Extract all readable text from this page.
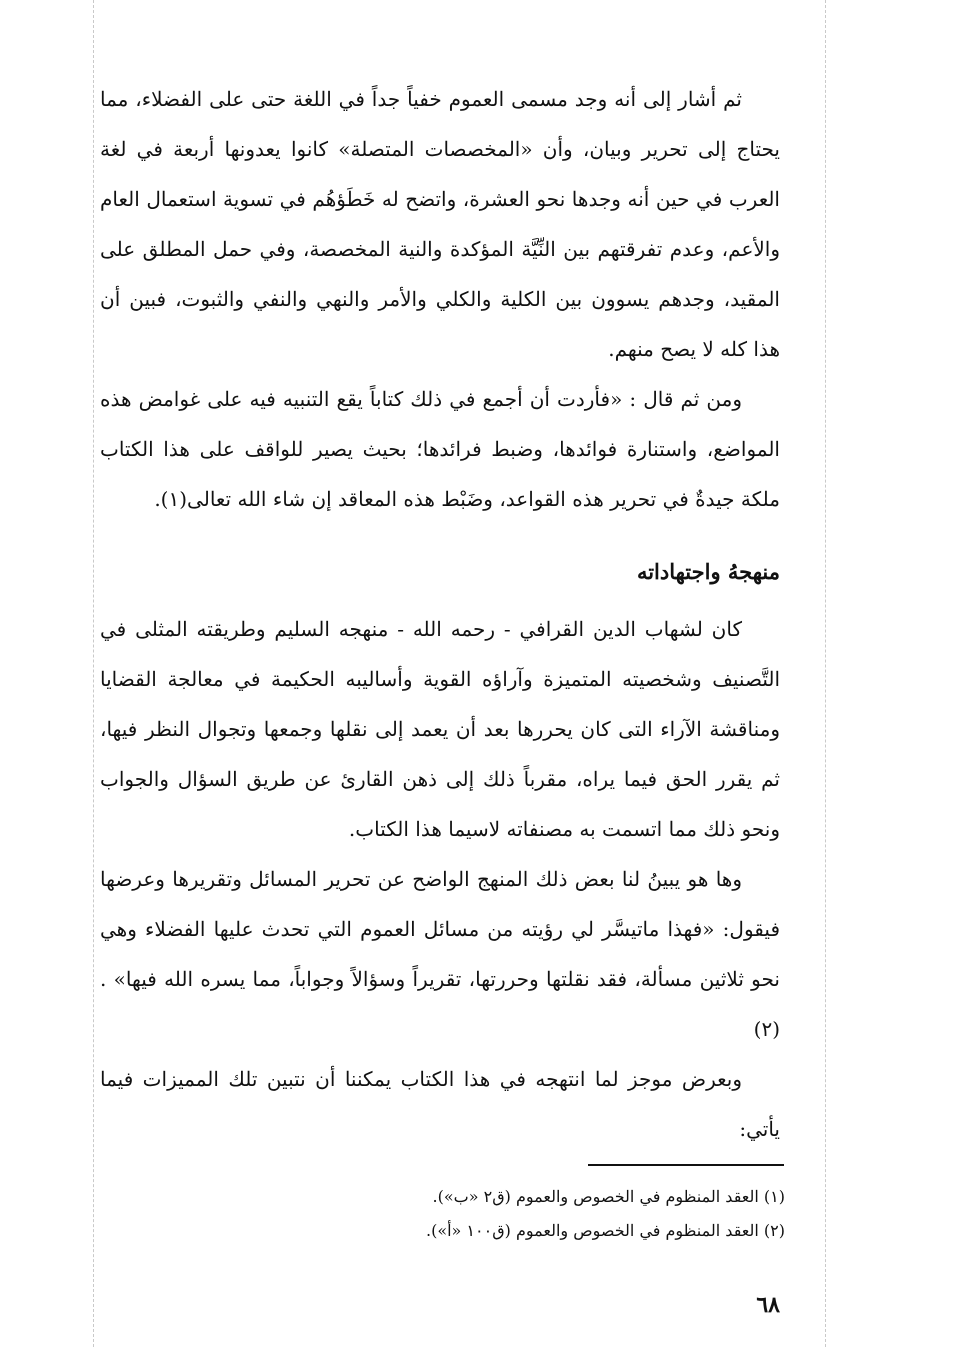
ثم أشار إلى أنه وجد مسمى العموم خفياً جداً في اللغة حتى على الفضلاء، مما يحتاج إلى تحرير وبيان، وأن «المخصصات المتصلة» كانوا يعدونها أربعة في لغة العرب في حين أنه وجدها نحو العشرة، واتضح له خَطَؤهُم في تسوية استعمال العام والأعم، وعدم تفرقتهم بين النِّيَّة المؤكدة والنية المخصصة، وفي حمل المطلق على المقيد، وجدهم يسوون بين الكلية والكلي والأمر والنهي والنفي والثبوت، فبين أن هذا كله لا يصح منهم.

ومن ثم قال : «فأردت أن أجمع في ذلك كتاباً يقع التنبيه فيه على غوامض هذه المواضع، واستنارة فوائدها، وضبط فرائدها؛ بحيث يصير للواقف على هذا الكتاب ملكة جيدةٌ في تحرير هذه القواعد، وضَبْط هذه المعاقد إن شاء الله تعالى(١).

منهجهُ واجتهاداته

كان لشهاب الدين القرافي - رحمه الله - منهجه السليم وطريقته المثلى في التَّصنيف وشخصيته المتميزة وآراؤه القوية وأساليبه الحكيمة في معالجة القضايا ومناقشة الآراء التى كان يحررها بعد أن يعمد إلى نقلها وجمعها وتجوال النظر فيها، ثم يقرر الحق فيما يراه، مقرباً ذلك إلى ذهن القارئ عن طريق السؤال والجواب ونحو ذلك مما اتسمت به مصنفاته لاسيما هذا الكتاب.

وها هو يبينُ لنا بعض ذلك المنهج الواضح عن تحرير المسائل وتقريرها وعرضها فيقول: «فهذا ماتيسَّر لي رؤيته من مسائل العموم التي تحدث عليها الفضلاء وهي نحو ثلاثين مسألة، فقد نقلتها وحررتها، تقريراً وسؤالاً وجواباً، مما يسره الله فيها» .(٢)

وبعرض موجز لما انتهجه في هذا الكتاب يمكننا أن نتبين تلك المميزات فيما يأتي:

(١) العقد المنظوم في الخصوص والعموم (ق٢ «ب»).

(٢) العقد المنظوم في الخصوص والعموم (ق١٠٠ «أ»).

٦٨
